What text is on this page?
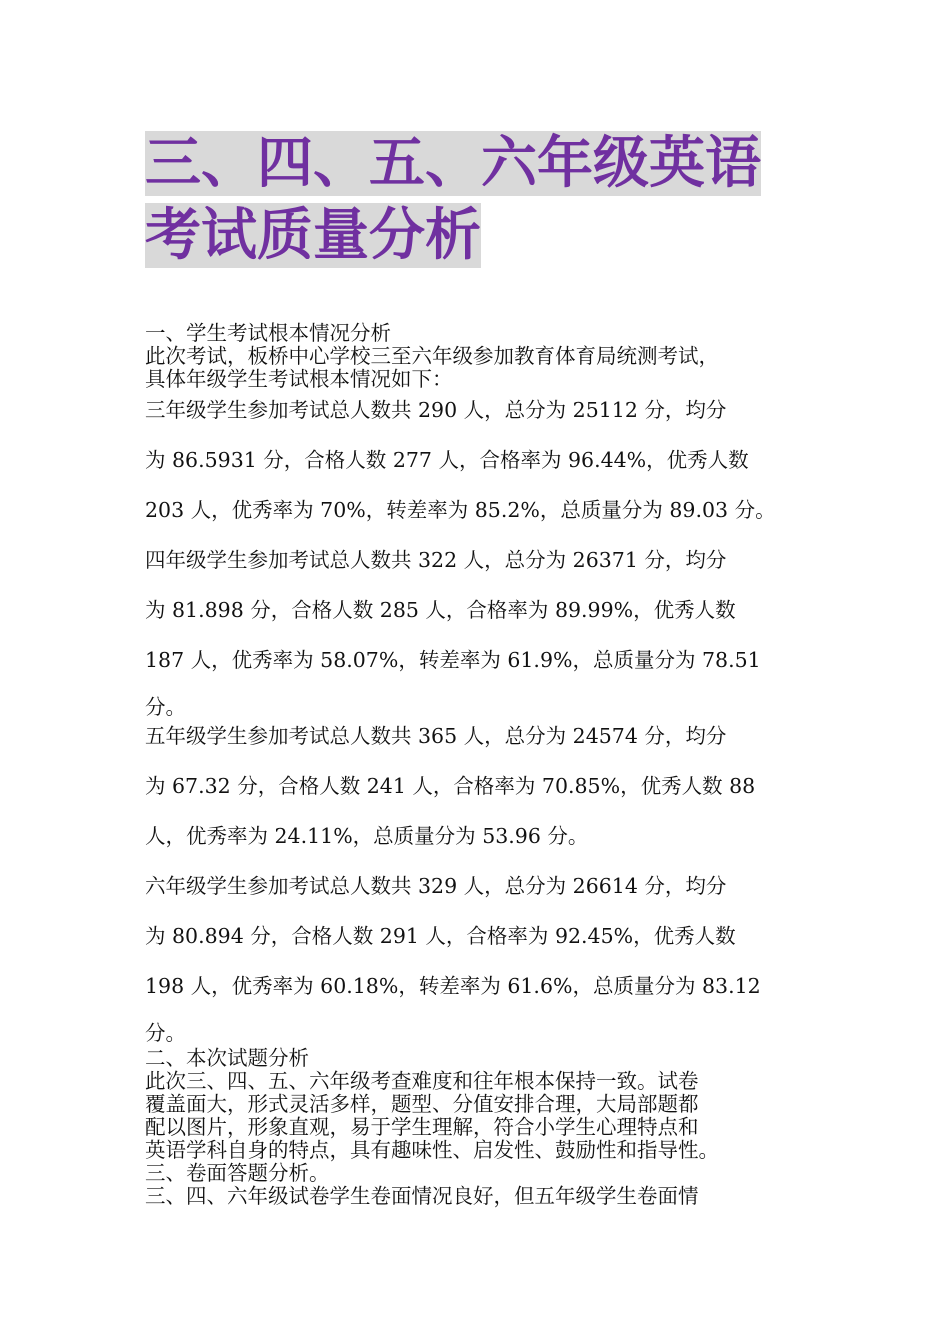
三、四、五、六年级英语
考试质量分析

一、学生考试根本情况分析

此次考试，板桥中心学校三至六年级参加教育体育局统测考试，

具体年级学生考试根本情况如下：

三年级学生参加考试总人数共 290 人，总分为 25112 分，均分

为 86.5931 分，合格人数 277 人，合格率为 96.44%，优秀人数

203 人，优秀率为 70%，转差率为 85.2%，总质量分为 89.03 分。

四年级学生参加考试总人数共 322 人，总分为 26371 分，均分

为 81.898 分，合格人数 285 人，合格率为 89.99%，优秀人数

187 人，优秀率为 58.07%，转差率为 61.9%，总质量分为 78.51

分。

五年级学生参加考试总人数共 365 人，总分为 24574 分，均分

为 67.32 分，合格人数 241 人，合格率为 70.85%，优秀人数 88

人，优秀率为 24.11%，总质量分为 53.96 分。

六年级学生参加考试总人数共 329 人，总分为 26614 分，均分

为 80.894 分，合格人数 291 人，合格率为 92.45%，优秀人数

198 人，优秀率为 60.18%，转差率为 61.6%，总质量分为 83.12

分。

二、本次试题分析

此次三、四、五、六年级考查难度和往年根本保持一致。试卷

覆盖面大，形式灵活多样，题型、分值安排合理，大局部题都

配以图片，形象直观，易于学生理解，符合小学生心理特点和

英语学科自身的特点，具有趣味性、启发性、鼓励性和指导性。

三、卷面答题分析。

三、四、六年级试卷学生卷面情况良好，但五年级学生卷面情
